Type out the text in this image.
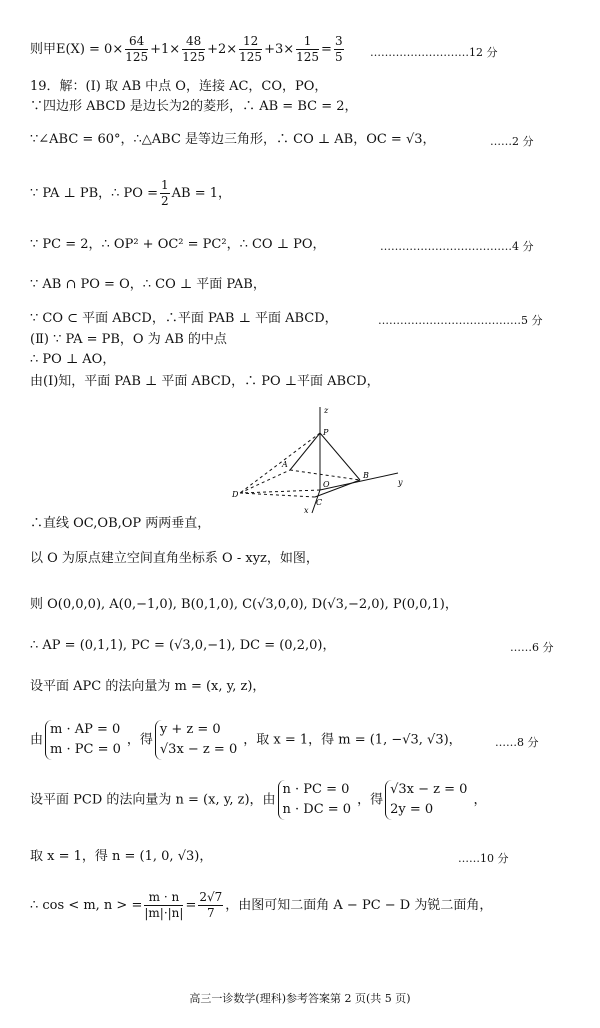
则甲$E(X) = 0\times \frac{64}{125} +1\times \frac{48}{125} +2\times \frac{12}{125} +3\times \frac{1}{125} = \frac{3}{5}$ ………………………12 分
19．解：(Ⅰ) 取 AB 中点 O，连接 AC，CO，PO，
∵四边形 ABCD 是边长为2的菱形，∴ AB = BC = 2，
∵∠ABC = 60°，∴△ABC 是等边三角形，∴ CO ⊥ AB，OC = √3，	……2 分
∵ PA ⊥ PB，∴ PO = $\frac{1}{2}$ AB = 1，
∵ PC = 2，∴ OP² + OC² = PC²，∴ CO ⊥ PO，	………………………………4 分
∵ AB ∩ PO = O，∴ CO ⊥ 平面 PAB，
∵ CO ⊂ 平面 ABCD，∴平面 PAB ⊥ 平面 ABCD，	…………………………………5 分
(Ⅱ) ∵ PA = PB，O 为 AB 的中点
∴ PO ⊥ AO，
由(Ⅰ)知，平面 PAB ⊥ 平面 ABCD，∴ PO ⊥平面 ABCD，
z
P
A
O
B
C
D
x
y
∴直线 OC,OB,OP 两两垂直，
以 O 为原点建立空间直角坐标系 O - xyz，如图，
则 O(0,0,0), A(0,−1,0), B(0,1,0), C(√3,0,0), D(√3,−2,0), P(0,0,1)，
∴ AP = (0,1,1), PC = (√3,0,−1), DC = (0,2,0)，	……6 分
设平面 APC 的法向量为 m = (x, y, z)，
由
m · AP = 0
m · PC = 0
，得
y + z = 0
√3x − z = 0
，取 x = 1，得 m = (1, −√3, √3)，	……8 分
设平面 PCD 的法向量为 n = (x, y, z)，由
n · PC = 0
n · DC = 0
，得
√3x − z = 0
2y = 0
，
取 x = 1，得 n = (1, 0, √3)，	……10 分
∴ cos < m, n > = $\frac{m \cdot n}{|m|\cdot|n|} = \frac{2√7}{7}$ ，由图可知二面角 A − PC − D 为锐二面角，
高三一诊数学(理科)参考答案第 2 页(共 5 页)
